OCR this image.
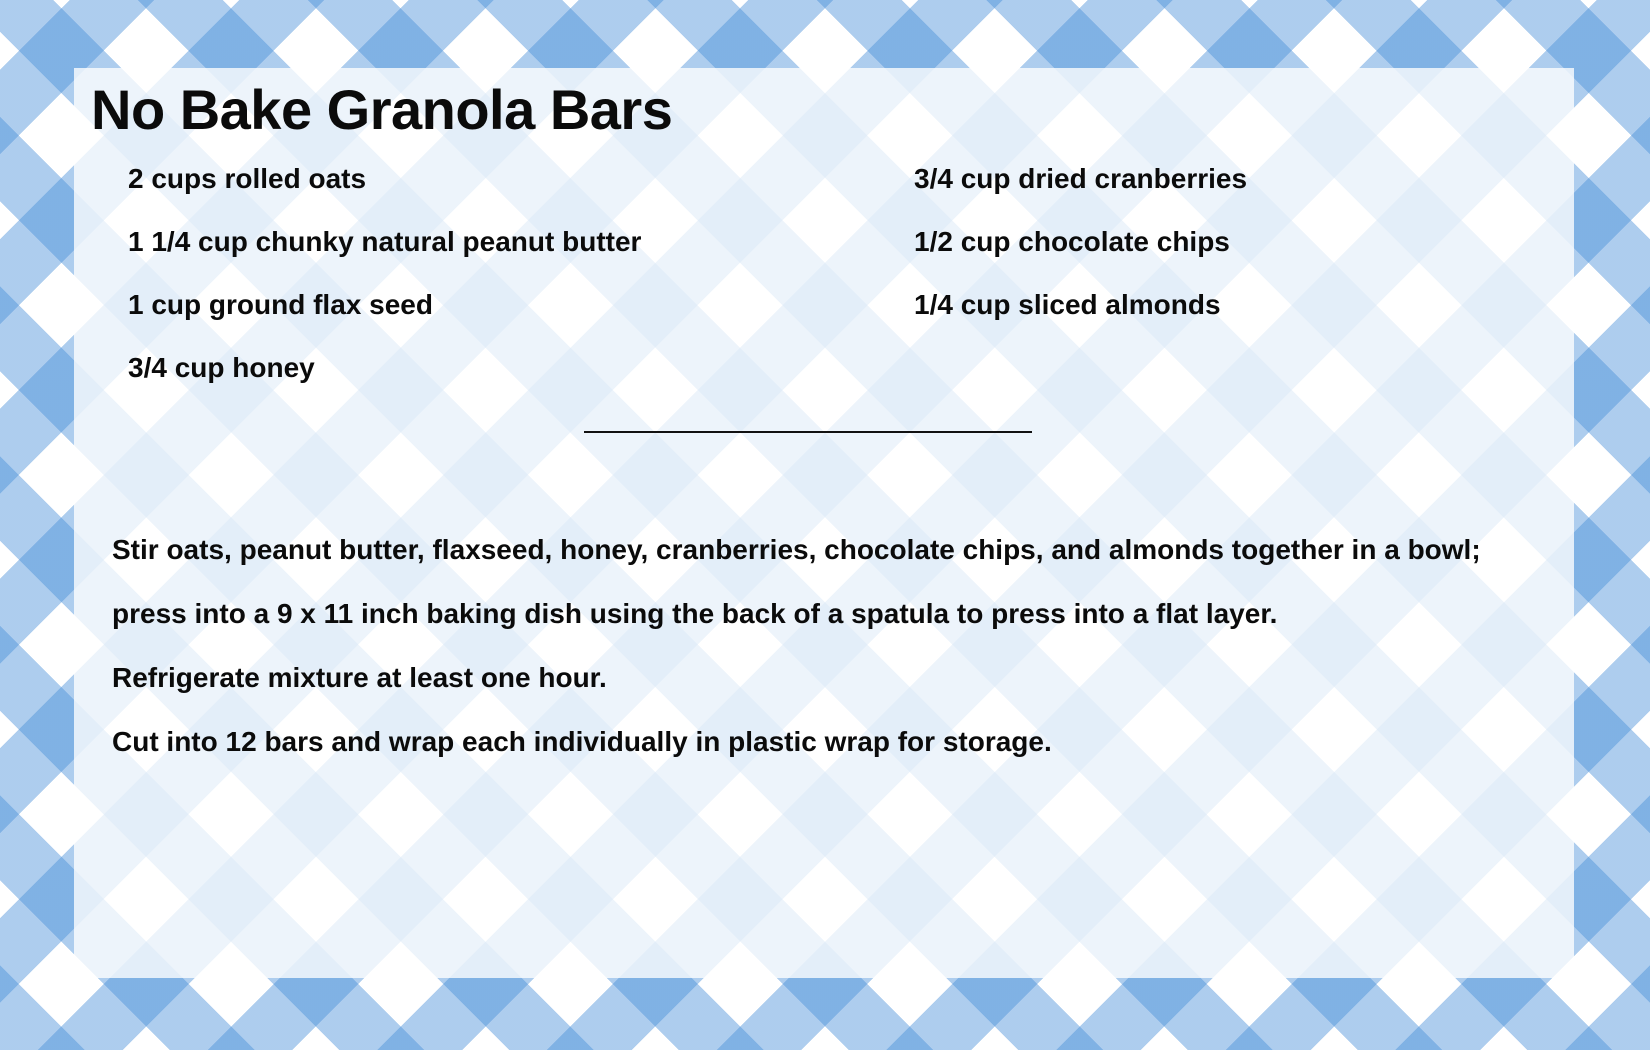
No Bake Granola Bars
2 cups rolled oats
1 1/4 cup chunky natural peanut butter
1 cup ground flax seed
3/4 cup honey
3/4 cup dried cranberries
1/2 cup chocolate chips
1/4 cup sliced almonds
Stir oats, peanut butter, flaxseed, honey, cranberries, chocolate chips, and almonds together in a bowl;
press into a 9 x 11 inch baking dish using the back of a spatula to press into a flat layer.
Refrigerate mixture at least one hour.
Cut into 12 bars and wrap each individually in plastic wrap for storage.
